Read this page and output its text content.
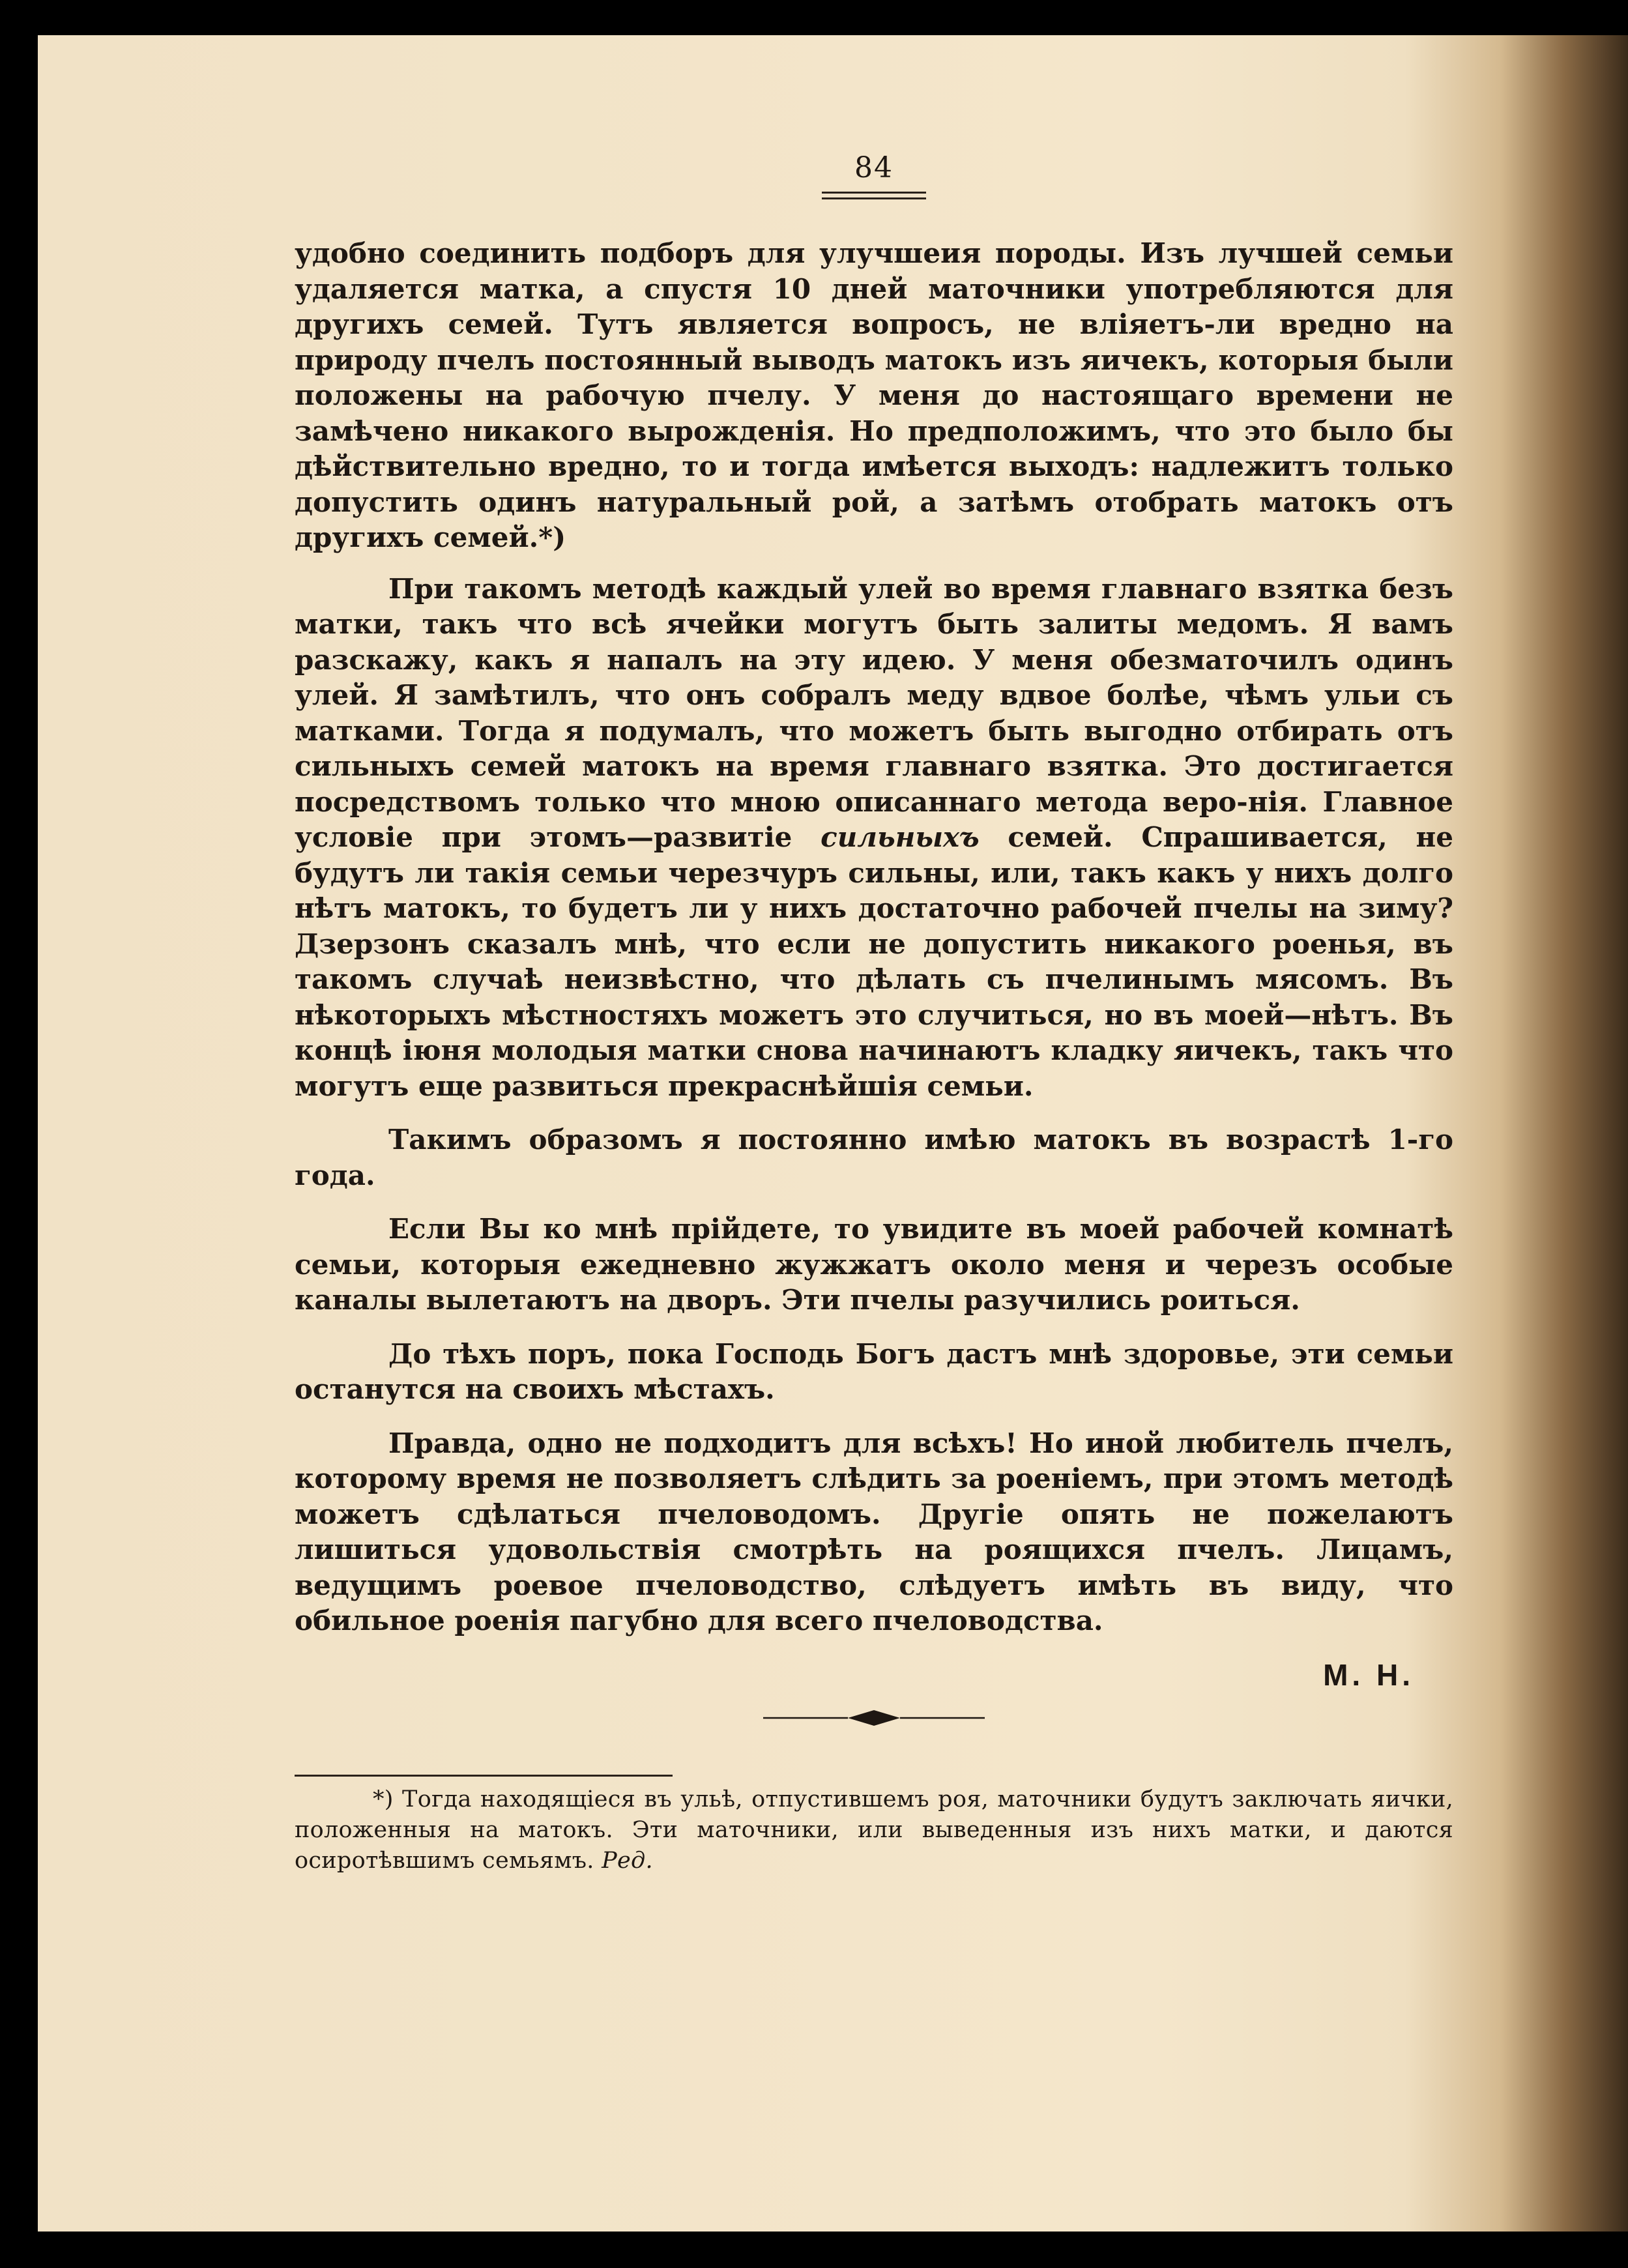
84

удобно соединить подборъ для улучшеия породы. Изъ лучшей семьи удаляется матка, а спустя 10 дней маточники употребляются для другихъ семей. Тутъ является вопросъ, не вліяетъ-ли вредно на природу пчелъ постоянный выводъ матокъ изъ яичекъ, которыя были положены на рабочую пчелу. У меня до настоящаго времени не замѣчено никакого вырожденія. Но предположимъ, что это было бы дѣйствительно вредно, то и тогда имѣется выходъ: надлежитъ только допустить одинъ натуральный рой, а затѣмъ отобрать матокъ отъ другихъ семей.*)

При такомъ методѣ каждый улей во время главнаго взятка безъ матки, такъ что всѣ ячейки могутъ быть залиты медомъ. Я вамъ разскажу, какъ я напалъ на эту идею. У меня обезматочилъ одинъ улей. Я замѣтилъ, что онъ собралъ меду вдвое болѣе, чѣмъ ульи съ матками. Тогда я подумалъ, что можетъ быть выгодно отбирать отъ сильныхъ семей матокъ на время главнаго взятка. Это достигается посредствомъ только что мною описаннаго метода веро-нія. Главное условіе при этомъ—развитіе сильныхъ семей. Спрашивается, не будутъ ли такія семьи черезчуръ сильны, или, такъ какъ у нихъ долго нѣтъ матокъ, то будетъ ли у нихъ достаточно рабочей пчелы на зиму? Дзерзонъ сказалъ мнѣ, что если не допустить никакого роенья, въ такомъ случаѣ неизвѣстно, что дѣлать съ пчелинымъ мясомъ. Въ нѣкоторыхъ мѣстностяхъ можетъ это случиться, но въ моей—нѣтъ. Въ концѣ іюня молодыя матки снова начинаютъ кладку яичекъ, такъ что могутъ еще развиться прекраснѣйшія семьи.

Такимъ образомъ я постоянно имѣю матокъ въ возрастѣ 1-го года.

Если Вы ко мнѣ прійдете, то увидите въ моей рабочей комнатѣ семьи, которыя ежедневно жужжатъ около меня и черезъ особые каналы вылетаютъ на дворъ. Эти пчелы разучились роиться.

До тѣхъ поръ, пока Господь Богъ дастъ мнѣ здоровье, эти семьи останутся на своихъ мѣстахъ.

Правда, одно не подходитъ для всѣхъ! Но иной любитель пчелъ, которому время не позволяетъ слѣдить за роеніемъ, при этомъ методѣ можетъ сдѣлаться пчеловодомъ. Другіе опять не пожелаютъ лишиться удовольствія смотрѣть на роящихся пчелъ. Лицамъ, ведущимъ роевое пчеловодство, слѣдуетъ имѣть въ виду, что обильное роенія пагубно для всего пчеловодства.

М. Н.

*) Тогда находящіеся въ ульѣ, отпустившемъ роя, маточники будутъ заключать яички, положенныя на матокъ. Эти маточники, или выведенныя изъ нихъ матки, и даются осиротѣвшимъ семьямъ. Ред.
